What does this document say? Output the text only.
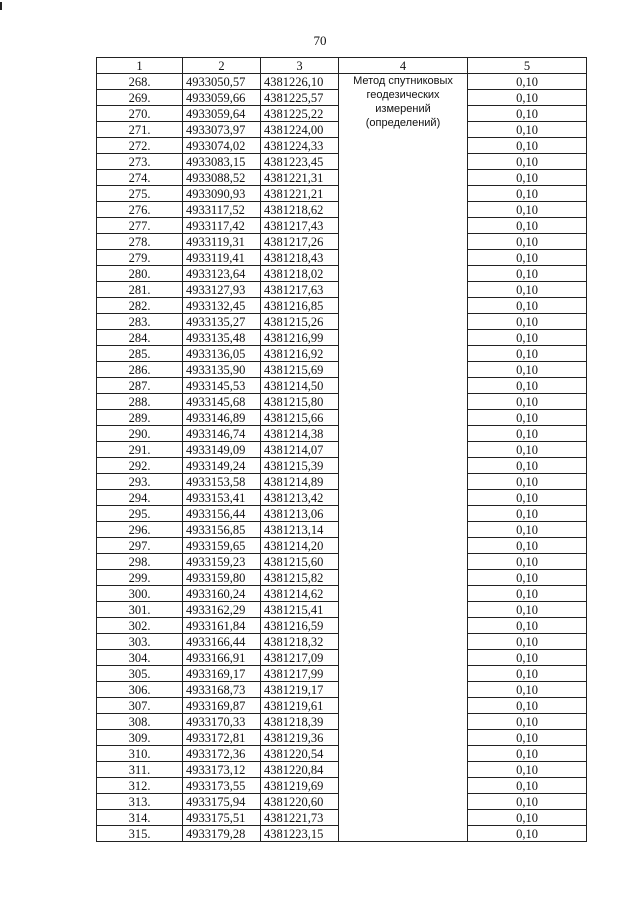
70
1	2	3	4	5
268.	4933050,57	4381226,10	Метод спутниковых
геодезических
измерений
(определений)	0,10
269.	4933059,66	4381225,57		0,10
270.	4933059,64	4381225,22		0,10
271.	4933073,97	4381224,00		0,10
272.	4933074,02	4381224,33		0,10
273.	4933083,15	4381223,45		0,10
274.	4933088,52	4381221,31		0,10
275.	4933090,93	4381221,21		0,10
276.	4933117,52	4381218,62		0,10
277.	4933117,42	4381217,43		0,10
278.	4933119,31	4381217,26		0,10
279.	4933119,41	4381218,43		0,10
280.	4933123,64	4381218,02		0,10
281.	4933127,93	4381217,63		0,10
282.	4933132,45	4381216,85		0,10
283.	4933135,27	4381215,26		0,10
284.	4933135,48	4381216,99		0,10
285.	4933136,05	4381216,92		0,10
286.	4933135,90	4381215,69		0,10
287.	4933145,53	4381214,50		0,10
288.	4933145,68	4381215,80		0,10
289.	4933146,89	4381215,66		0,10
290.	4933146,74	4381214,38		0,10
291.	4933149,09	4381214,07		0,10
292.	4933149,24	4381215,39		0,10
293.	4933153,58	4381214,89		0,10
294.	4933153,41	4381213,42		0,10
295.	4933156,44	4381213,06		0,10
296.	4933156,85	4381213,14		0,10
297.	4933159,65	4381214,20		0,10
298.	4933159,23	4381215,60		0,10
299.	4933159,80	4381215,82		0,10
300.	4933160,24	4381214,62		0,10
301.	4933162,29	4381215,41		0,10
302.	4933161,84	4381216,59		0,10
303.	4933166,44	4381218,32		0,10
304.	4933166,91	4381217,09		0,10
305.	4933169,17	4381217,99		0,10
306.	4933168,73	4381219,17		0,10
307.	4933169,87	4381219,61		0,10
308.	4933170,33	4381218,39		0,10
309.	4933172,81	4381219,36		0,10
310.	4933172,36	4381220,54		0,10
311.	4933173,12	4381220,84		0,10
312.	4933173,55	4381219,69		0,10
313.	4933175,94	4381220,60		0,10
314.	4933175,51	4381221,73		0,10
315.	4933179,28	4381223,15		0,10
